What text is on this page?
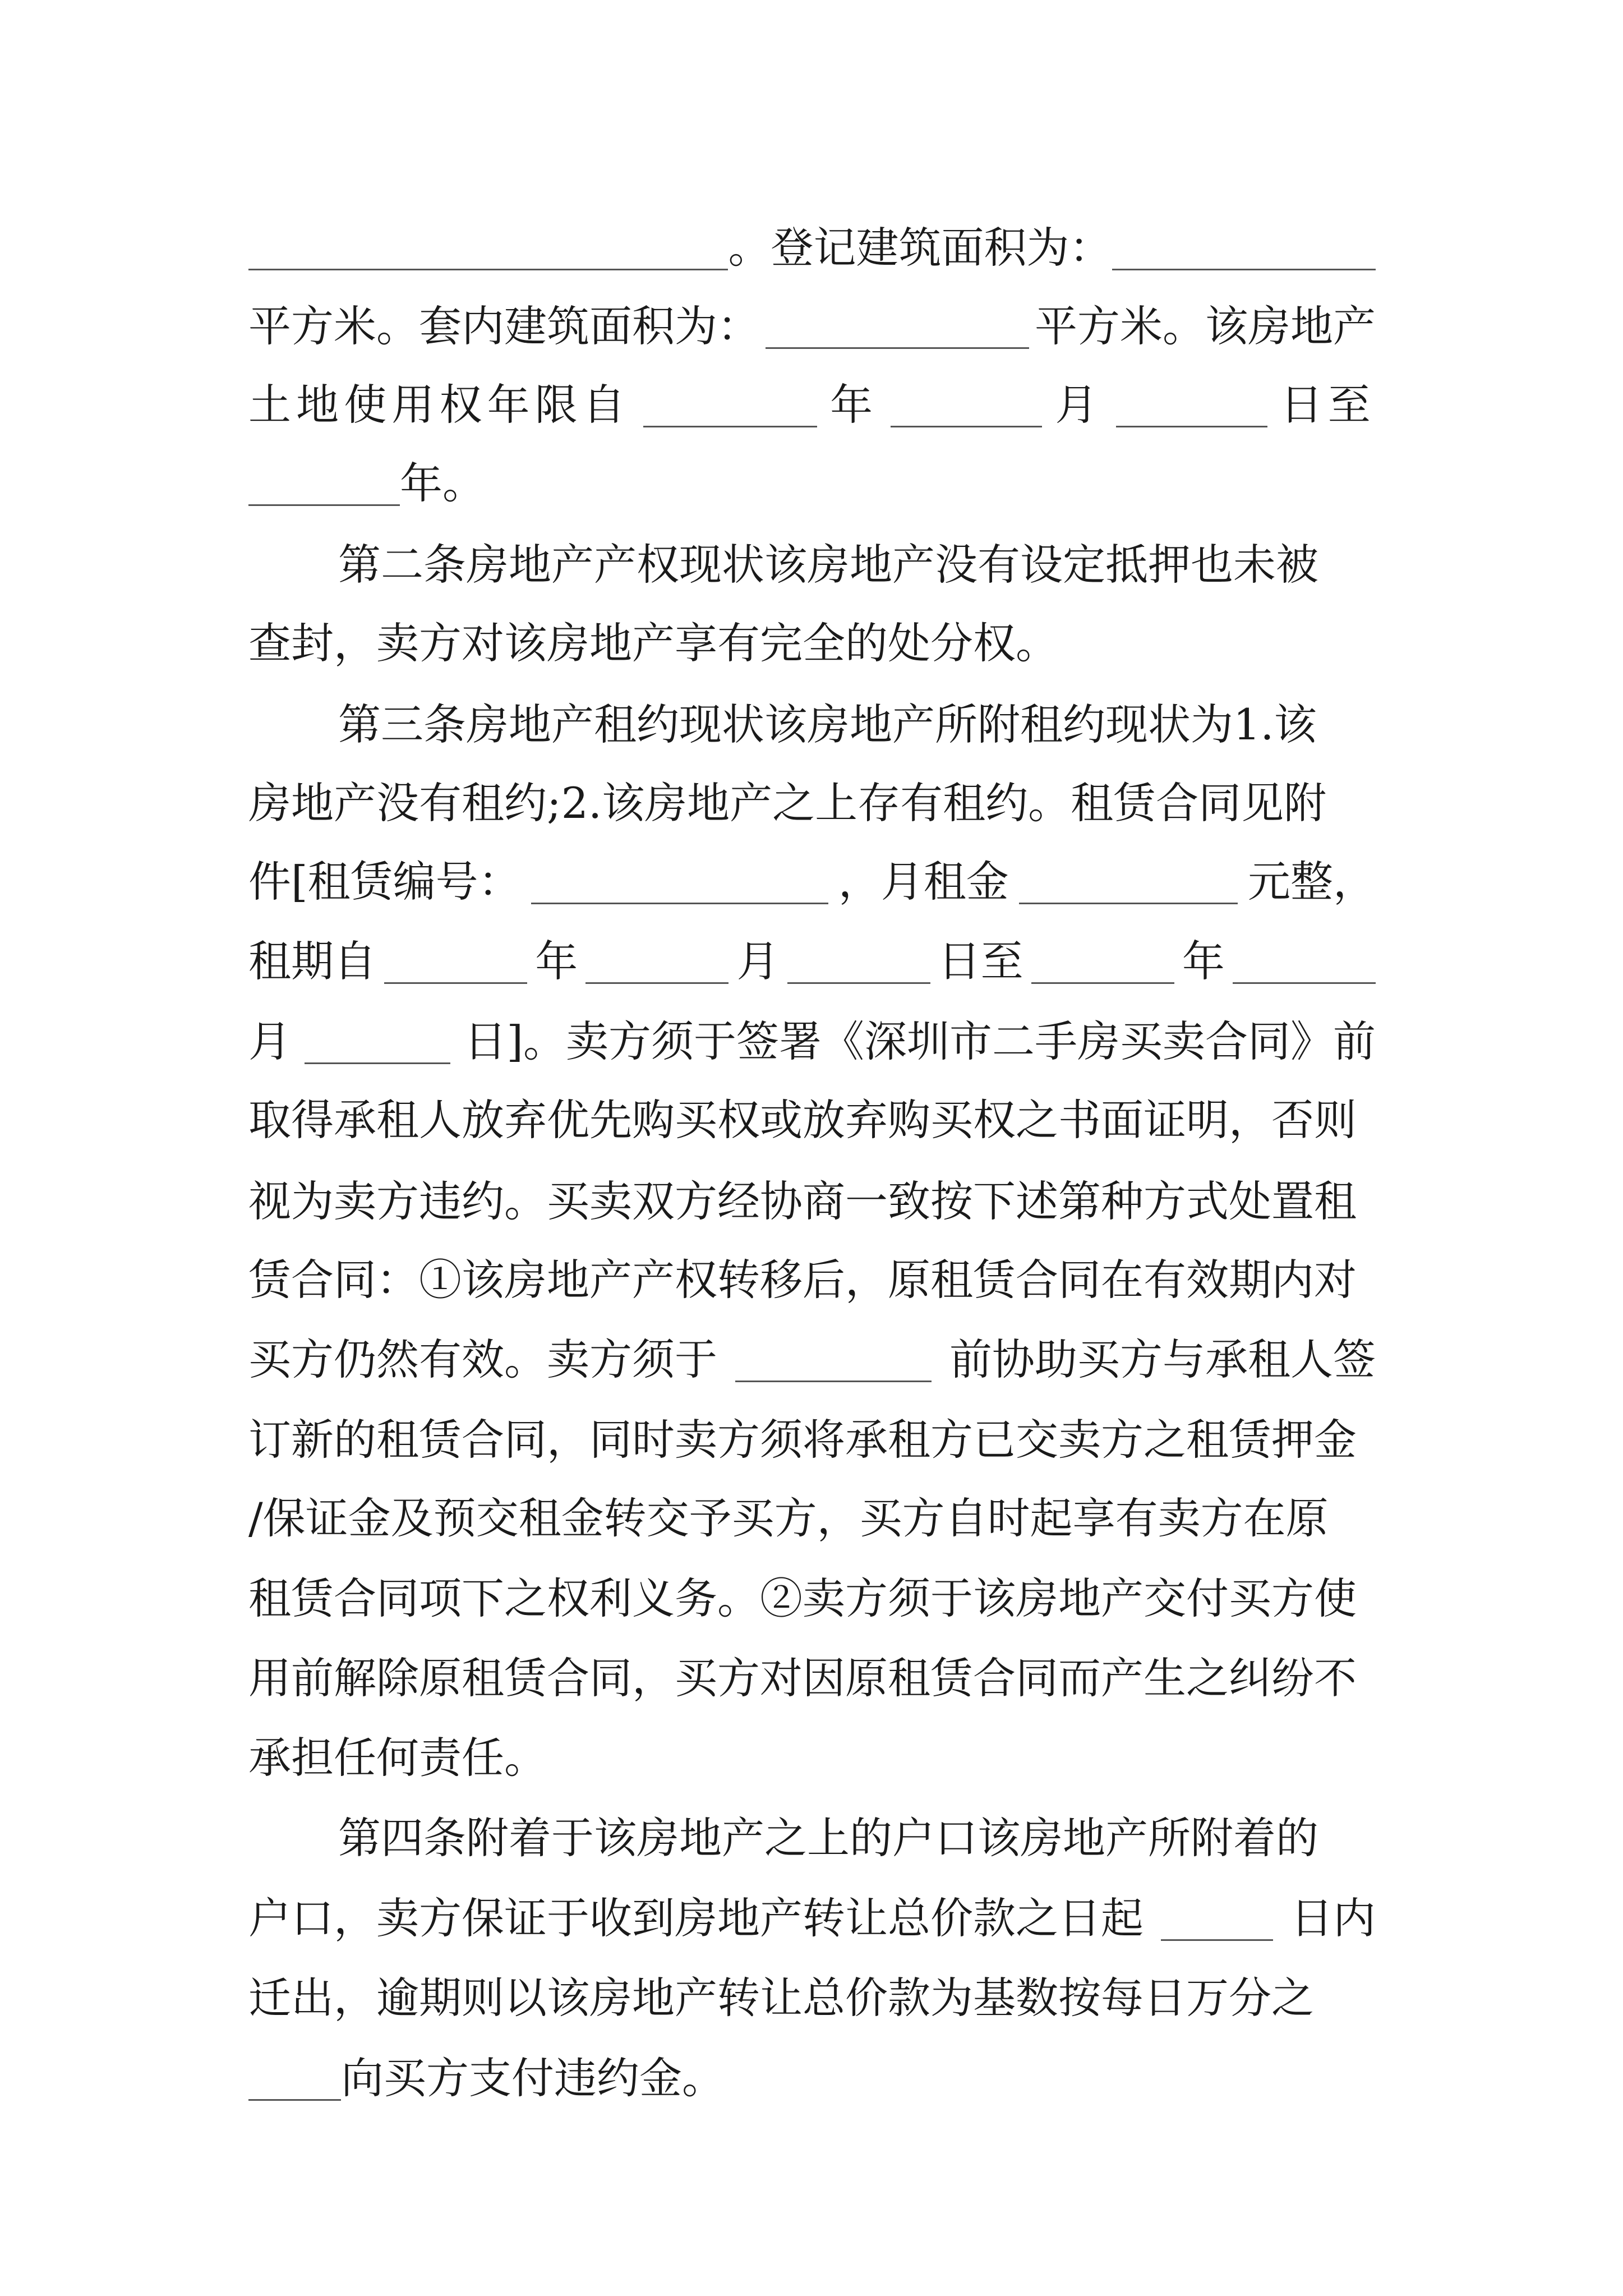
。登记建筑面积为：
平方米。套内建筑面积为：	平方米。该房地产
土地使用权年限自	年	月	日至
年。
第二条房地产产权现状该房地产没有设定抵押也未被
查封，卖方对该房地产享有完全的处分权。
第三条房地产租约现状该房地产所附租约现状为1.该
房地产没有租约;2.该房地产之上存有租约。租赁合同见附
件[租赁编号：	，月租金	元整，
租期自	年	月	日至	年
月	日]。卖方须于签署《深圳市二手房买卖合同》前
取得承租人放弃优先购买权或放弃购买权之书面证明，否则
视为卖方违约。买卖双方经协商一致按下述第种方式处置租
赁合同：①该房地产产权转移后，原租赁合同在有效期内对
买方仍然有效。卖方须于	前协助买方与承租人签
订新的租赁合同，同时卖方须将承租方已交卖方之租赁押金
/保证金及预交租金转交予买方，买方自时起享有卖方在原
租赁合同项下之权利义务。②卖方须于该房地产交付买方使
用前解除原租赁合同，买方对因原租赁合同而产生之纠纷不
承担任何责任。
第四条附着于该房地产之上的户口该房地产所附着的
户口，卖方保证于收到房地产转让总价款之日起	日内
迁出，逾期则以该房地产转让总价款为基数按每日万分之
向买方支付违约金。
